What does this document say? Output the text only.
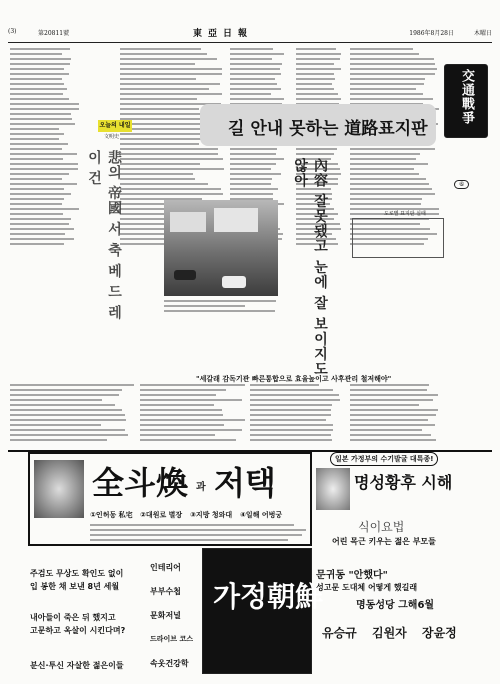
(3)	第20811號	東亞日報	1986年8月28日	木曜日
오늘의 내일
文明史
悲의 帝國 서 축 베 드 레 이 건
交通戰爭
⑥
길 안내 못하는 道路표지판
內容 잘못됐고 눈에 잘 보이지도 않아
도로별 표지판 실태
"세갈래 감독기관 빠른통합으로 효율높이고 사후관리 철저해야"
全斗 煥 과 저택
①인허동 私宅 ②대원로 별장 ③지방 청와대 ④일해 어벙궁
일본 가정부의 수기발굴 대특종!
명성황후 시해
식이요법
어린 목근 키우는 젊은 부모들
주검도 무상도 확인도 없이
입 봉한 채 보낸 8년 세월
내아들이 죽은 뒤 했지고
고문하고 옥살이 시킨다며?
분신·투신 자살한 젊은이들
인테리어
부부수첩
문화저널
드라이브 코스
속옷건강학
가정朝鮮
문귀동 "안했다"
성고문 도대체 어떻게 했길래
명동성당 그해6월
유승규 김원자 장윤정
